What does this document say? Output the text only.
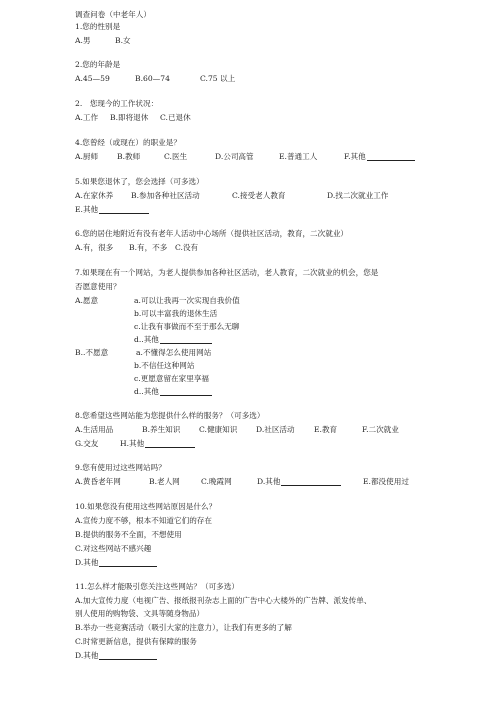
调查问卷（中老年人）
1.您的性别是
A.男	B.女
2.您的年龄是
A.45—59	B.60—74	C.75 以上
2.　您现今的工作状况：
A.工作 B.即将退休 C.已退休
4.您曾经（或现在）的职业是？
A.厨师 B.教师	C.医生	D.公司高管	E.普通工人	F.其他
5.如果您退休了，您会选择（可多选）
A.在家休养 B.参加各种社区活动	C.接受老人教育	D.找二次就业工作
E.其他
6.您的居住地附近有没有老年人活动中心场所（提供社区活动，教育，二次就业）
A.有，很多 B.有，不多 C.没有
7.如果现在有一个网站，为老人提供参加各种社区活动，老人教育，二次就业的机会，您是
否愿意使用？
A.愿意	a.可以让我再一次实现自我价值
b.可以丰富我的退休生活
c.让我有事做而不至于那么无聊
d..其他
B..不愿意	a.不懂得怎么使用网站
b.不信任这种网站
c.更愿意留在家里享福
d..其他
8.您希望这些网站能为您提供什么样的服务？（可多选）
A.生活用品	B.养生知识 C.健康知识 D.社区活动	E.教育	F.二次就业
G.交友	H.其他
9.您有使用过这些网站吗？
A.黄昏老年网	B.老人网	C.晚霞网	D.其他	E.都没使用过
10.如果您没有使用这些网站原因是什么？
A.宣传力度不够，根本不知道它们的存在
B.提供的服务不全面，不想使用
C.对这些网站不感兴趣
D.其他
11.怎么样才能吸引您关注这些网站？（可多选）
A.加大宣传力度（电视广告、报纸报刊杂志上面的广告中心大楼外的广告牌、派发传单、
别人使用的购物袋、文具等随身物品）
B.举办一些竞赛活动（吸引大家的注意力），让我们有更多的了解
C.时常更新信息，提供有保障的服务
D.其他
